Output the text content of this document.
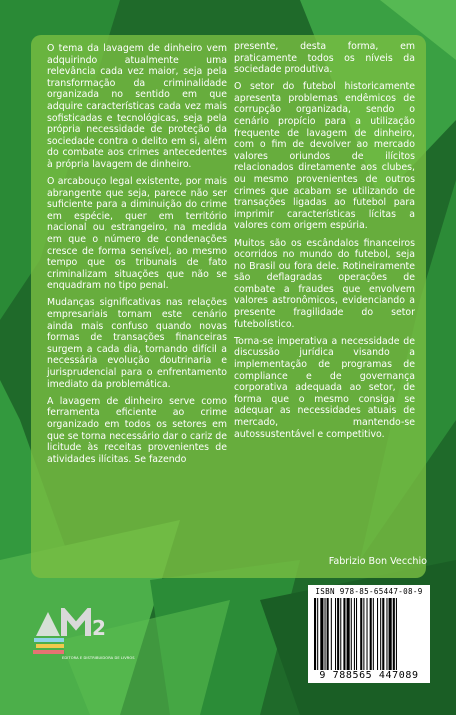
O tema da lavagem de dinheiro vem adquirindo atualmente uma relevância cada vez maior, seja pela transformação da criminalidade organizada no sentido em que adquire características cada vez mais sofisticadas e tecnológicas, seja pela própria necessidade de proteção da sociedade contra o delito em si, além do combate aos crimes antecedentes à própria lavagem de dinheiro.

O arcabouço legal existente, por mais abrangente que seja, parece não ser suficiente para a diminuição do crime em espécie, quer em território nacional ou estrangeiro, na medida em que o número de condenações cresce de forma sensível, ao mesmo tempo que os tribunais de fato criminalizam situações que não se enquadram no tipo penal.

Mudanças significativas nas relações empresariais tornam este cenário ainda mais confuso quando novas formas de transações financeiras surgem a cada dia, tornando difícil a necessária evolução doutrinaria e jurisprudencial para o enfrentamento imediato da problemática.

A lavagem de dinheiro serve como ferramenta eficiente ao crime organizado em todos os setores em que se torna necessário dar o cariz de licitude às receitas provenientes de atividades ilícitas. Se fazendo

presente, desta forma, em praticamente todos os níveis da sociedade produtiva.

O setor do futebol historicamente apresenta problemas endêmicos de corrupção organizada, sendo o cenário propício para a utilização frequente de lavagem de dinheiro, com o fim de devolver ao mercado valores oriundos de ilícitos relacionados diretamente aos clubes, ou mesmo provenientes de outros crimes que acabam se utilizando de transações ligadas ao futebol para imprimir características lícitas a valores com origem espúria.

Muitos são os escândalos financeiros ocorridos no mundo do futebol, seja no Brasil ou fora dele. Rotineiramente são deflagradas operações de combate a fraudes que envolvem valores astronômicos, evidenciando a presente fragilidade do setor futebolístico.

Torna-se imperativa a necessidade de discussão jurídica visando a implementação de programas de compliance e de governança corporativa adequada ao setor, de forma que o mesmo consiga se adequar as necessidades atuais de mercado, mantendo-se autossustentável e competitivo.

Fabrizio Bon Vecchio
2
EDITORA E DISTRIBUIDORA DE LIVROS
ISBN 978-85-65447-08-9
9 788565 447089
